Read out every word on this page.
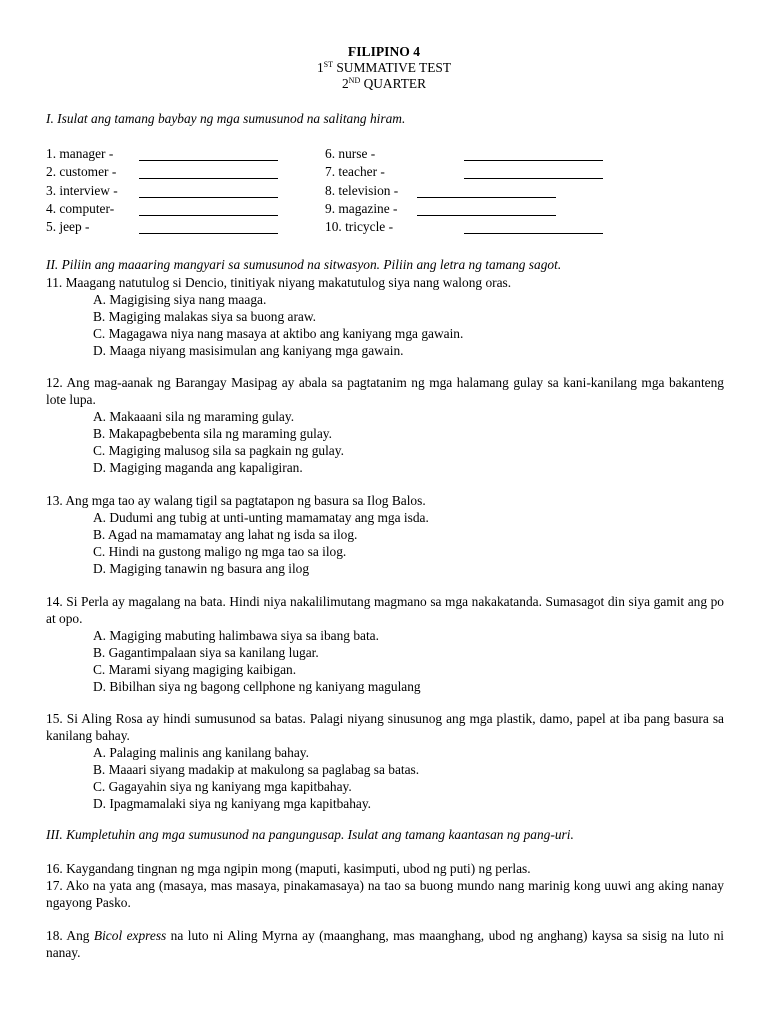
FILIPINO 4
1ST SUMMATIVE TEST
2ND QUARTER
I. Isulat ang tamang baybay ng mga sumusunod na salitang hiram.
1. manager -	6. nurse -
2. customer -	7. teacher -
3. interview -	8. television -
4. computer-	9. magazine -
5. jeep -	10. tricycle -
II. Piliin ang maaaring mangyari sa sumusunod na sitwasyon. Piliin ang letra ng tamang sagot.
11. Maagang natutulog si Dencio, tinitiyak niyang makatutulog siya nang walong oras.
A. Magigising siya nang maaga.
B. Magiging malakas siya sa buong araw.
C. Magagawa niya nang masaya at aktibo ang kaniyang mga gawain.
D. Maaga niyang masisimulan ang kaniyang mga gawain.
12. Ang mag-aanak ng Barangay Masipag ay abala sa pagtatanim ng mga halamang gulay sa kani-kanilang mga bakanteng lote lupa.
A. Makaaani sila ng maraming gulay.
B. Makapagbebenta sila ng maraming gulay.
C. Magiging malusog sila sa pagkain ng gulay.
D. Magiging maganda ang kapaligiran.
13. Ang mga tao ay walang tigil sa pagtatapon ng basura sa Ilog Balos.
A. Dudumi ang tubig at unti-unting mamamatay ang mga isda.
B. Agad na mamamatay ang lahat ng isda sa ilog.
C. Hindi na gustong maligo ng mga tao sa ilog.
D. Magiging tanawin ng basura ang ilog
14. Si Perla ay magalang na bata. Hindi niya nakalilimutang magmano sa mga nakakatanda. Sumasagot din siya gamit ang po at opo.
A. Magiging mabuting halimbawa siya sa ibang bata.
B. Gagantimpalaan siya sa kanilang lugar.
C. Marami siyang magiging kaibigan.
D. Bibilhan siya ng bagong cellphone ng kaniyang magulang
15. Si Aling Rosa ay hindi sumusunod sa batas. Palagi niyang sinusunog ang mga plastik, damo, papel at iba pang basura sa kanilang bahay.
A. Palaging malinis ang kanilang bahay.
B. Maaari siyang madakip at makulong sa paglabag sa batas.
C. Gagayahin siya ng kaniyang mga kapitbahay.
D. Ipagmamalaki siya ng kaniyang mga kapitbahay.
III. Kumpletuhin ang mga sumusunod na pangungusap. Isulat ang tamang kaantasan ng pang-uri.
16. Kaygandang tingnan ng mga ngipin mong (maputi, kasimputi, ubod ng puti) ng perlas.
17. Ako na yata ang (masaya, mas masaya, pinakamasaya) na tao sa buong mundo nang marinig kong uuwi ang aking nanay ngayong Pasko.
18. Ang Bicol express na luto ni Aling Myrna ay (maanghang, mas maanghang, ubod ng anghang) kaysa sa sisig na luto ni nanay.
